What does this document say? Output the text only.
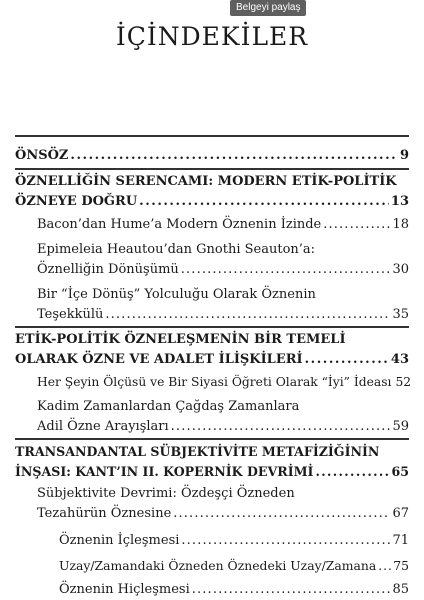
Belgeyi paylaş
İÇİNDEKİLER
ÖNSÖZ . . .	9
ÖZNELLİĞİN SERENCAMI: MODERN ETİK-POLİTİK
ÖZNEYE DOĞRU . . .	13
Bacon’dan Hume’a Modern Öznenin İzinde . . .	18
Epimeleia Heautou’dan Gnothi Seauton’a:
Öznelliğin Dönüşümü . . .	30
Bir “İçe Dönüş” Yolculuğu Olarak Öznenin
Teşekkülü . . .	35
ETİK-POLİTİK ÖZNELEŞMENİN BİR TEMELİ
OLARAK ÖZNE VE ADALET İLİŞKİLERİ . . .	43
Her Şeyin Ölçüsü ve Bir Siyasi Öğreti Olarak “İyi” İdeası 52
Kadim Zamanlardan Çağdaş Zamanlara
Adil Özne Arayışları . . .	59
TRANSANDANTAL SÜBJEKTİVİTE METAFİZİĞİNİN
İNŞASI: KANT’IN II. KOPERNİK DEVRİMİ . . .	65
Sübjektivite Devrimi: Özdeşçi Özneden
Tezahürün Öznesine . . .	67
Öznenin İçleşmesi . . .	71
Uzay/Zamandaki Özneden Öznedeki Uzay/Zamana . . . 75
Öznenin Hiçleşmesi . . .	85
